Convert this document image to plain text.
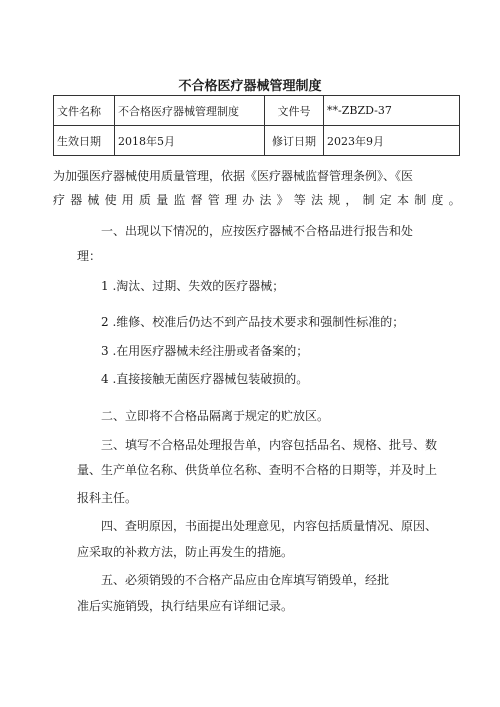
不合格医疗器械管理制度
文件名称	不合格医疗器械管理制度	文件号	**-ZBZD-37
生效日期	2018年5月	修订日期	2023年9月
为加强医疗器械使用质量管理，依据《医疗器械监督管理条例》、《医
疗器械使用质量监督管理办法》等法规，制定本制度。
一、出现以下情况的，应按医疗器械不合格品进行报告和处
理：
1 .淘汰、过期、失效的医疗器械；
2 .维修、校准后仍达不到产品技术要求和强制性标准的；
3 .在用医疗器械未经注册或者备案的；
4 .直接接触无菌医疗器械包装破损的。
二、立即将不合格品隔离于规定的贮放区。
三、填写不合格品处理报告单，内容包括品名、规格、批号、数
量、生产单位名称、供货单位名称、查明不合格的日期等，并及时上
报科主任。
四、查明原因，书面提出处理意见，内容包括质量情况、原因、
应采取的补救方法，防止再发生的措施。
五、必须销毁的不合格产品应由仓库填写销毁单，经批
准后实施销毁，执行结果应有详细记录。
